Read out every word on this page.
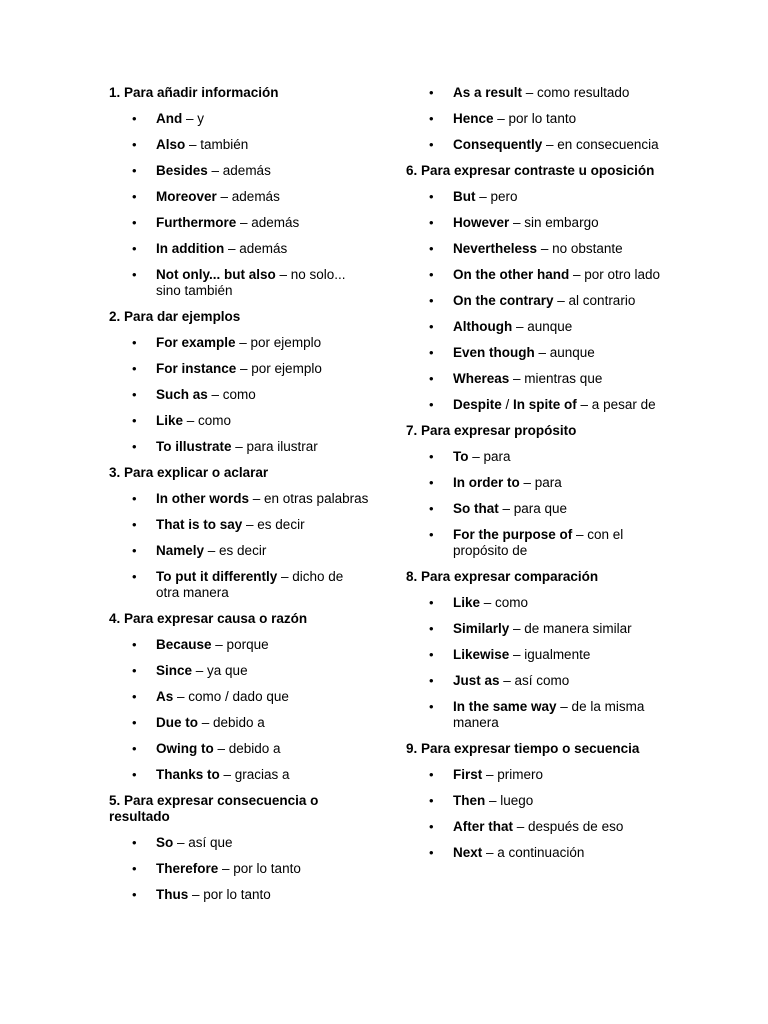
1. Para añadir información
• And – y
• Also – también
• Besides – además
• Moreover – además
• Furthermore – además
• In addition – además
• Not only... but also – no solo... sino también
2. Para dar ejemplos
• For example – por ejemplo
• For instance – por ejemplo
• Such as – como
• Like – como
• To illustrate – para ilustrar
3. Para explicar o aclarar
• In other words – en otras palabras
• That is to say – es decir
• Namely – es decir
• To put it differently – dicho de otra manera
4. Para expresar causa o razón
• Because – porque
• Since – ya que
• As – como / dado que
• Due to – debido a
• Owing to – debido a
• Thanks to – gracias a
5. Para expresar consecuencia o resultado
• So – así que
• Therefore – por lo tanto
• Thus – por lo tanto
• As a result – como resultado
• Hence – por lo tanto
• Consequently – en consecuencia
6. Para expresar contraste u oposición
• But – pero
• However – sin embargo
• Nevertheless – no obstante
• On the other hand – por otro lado
• On the contrary – al contrario
• Although – aunque
• Even though – aunque
• Whereas – mientras que
• Despite / In spite of – a pesar de
7. Para expresar propósito
• To – para
• In order to – para
• So that – para que
• For the purpose of – con el propósito de
8. Para expresar comparación
• Like – como
• Similarly – de manera similar
• Likewise – igualmente
• Just as – así como
• In the same way – de la misma manera
9. Para expresar tiempo o secuencia
• First – primero
• Then – luego
• After that – después de eso
• Next – a continuación
